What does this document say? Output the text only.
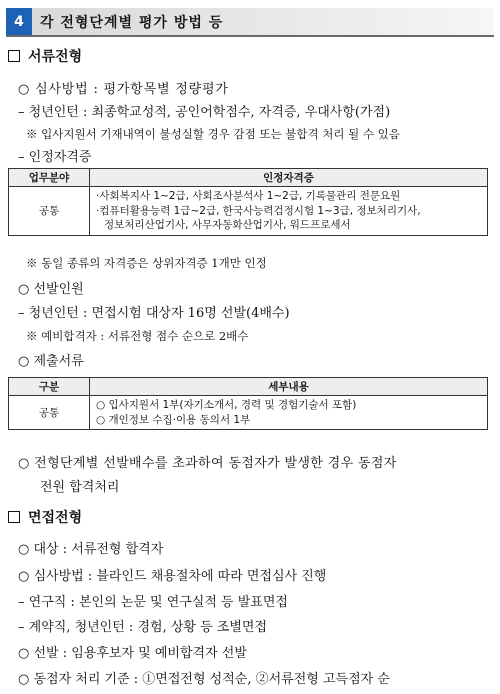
4	각 전형단계별 평가 방법 등
서류전형
○ 심사방법 : 평가항목별 정량평가
– 청년인턴 : 최종학교성적, 공인어학점수, 자격증, 우대사항(가점)
※ 입사지원서 기재내역이 불성실할 경우 감점 또는 불합격 처리 될 수 있음
– 인정자격증
업무분야	인정자격증
공통	·사회복지사 1~2급, 사회조사분석사 1~2급, 기록물관리 전문요원
·컴퓨터활용능력 1급~2급, 한국사능력검정시험 1~3급, 정보처리기사,
정보처리산업기사, 사무자동화산업기사, 워드프로세서
※ 동일 종류의 자격증은 상위자격증 1개만 인정
○ 선발인원
– 청년인턴 : 면접시험 대상자 16명 선발(4배수)
※ 예비합격자 : 서류전형 점수 순으로 2배수
○ 제출서류
구분	세부내용
공통	○ 입사지원서 1부(자기소개서, 경력 및 경험기술서 포함)
○ 개인정보 수집·이용 동의서 1부
○ 전형단계별 선발배수를 초과하여 동점자가 발생한 경우 동점자
전원 합격처리
면접전형
○ 대상 : 서류전형 합격자
○ 심사방법 : 블라인드 채용절차에 따라 면접심사 진행
– 연구직 : 본인의 논문 및 연구실적 등 발표면접
– 계약직, 청년인턴 : 경험, 상황 등 조별면접
○ 선발 : 임용후보자 및 예비합격자 선발
○ 동점자 처리 기준 : ①면접전형 성적순, ②서류전형 고득점자 순
